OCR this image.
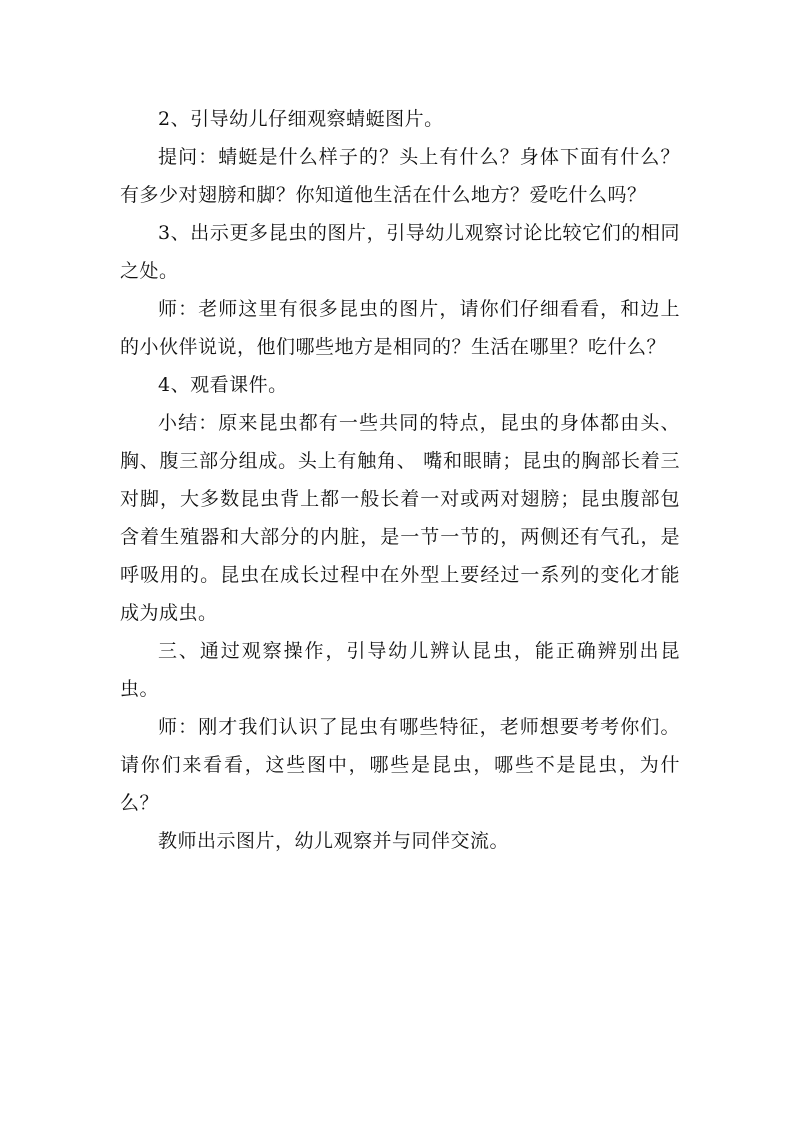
2、引导幼儿仔细观察蜻蜓图片。

提问：蜻蜓是什么样子的？头上有什么？身体下面有什么？有多少对翅膀和脚？你知道他生活在什么地方？爱吃什么吗？

3、出示更多昆虫的图片，引导幼儿观察讨论比较它们的相同之处。

师：老师这里有很多昆虫的图片，请你们仔细看看，和边上的小伙伴说说，他们哪些地方是相同的？生活在哪里？吃什么？

4、观看课件。

小结：原来昆虫都有一些共同的特点，昆虫的身体都由头、胸、腹三部分组成。头上有触角、 嘴和眼睛；昆虫的胸部长着三对脚，大多数昆虫背上都一般长着一对或两对翅膀；昆虫腹部包含着生殖器和大部分的内脏，是一节一节的，两侧还有气孔，是呼吸用的。昆虫在成长过程中在外型上要经过一系列的变化才能成为成虫。

三、通过观察操作，引导幼儿辨认昆虫，能正确辨别出昆虫。

师：刚才我们认识了昆虫有哪些特征，老师想要考考你们。请你们来看看，这些图中，哪些是昆虫，哪些不是昆虫，为什么？

教师出示图片，幼儿观察并与同伴交流。
